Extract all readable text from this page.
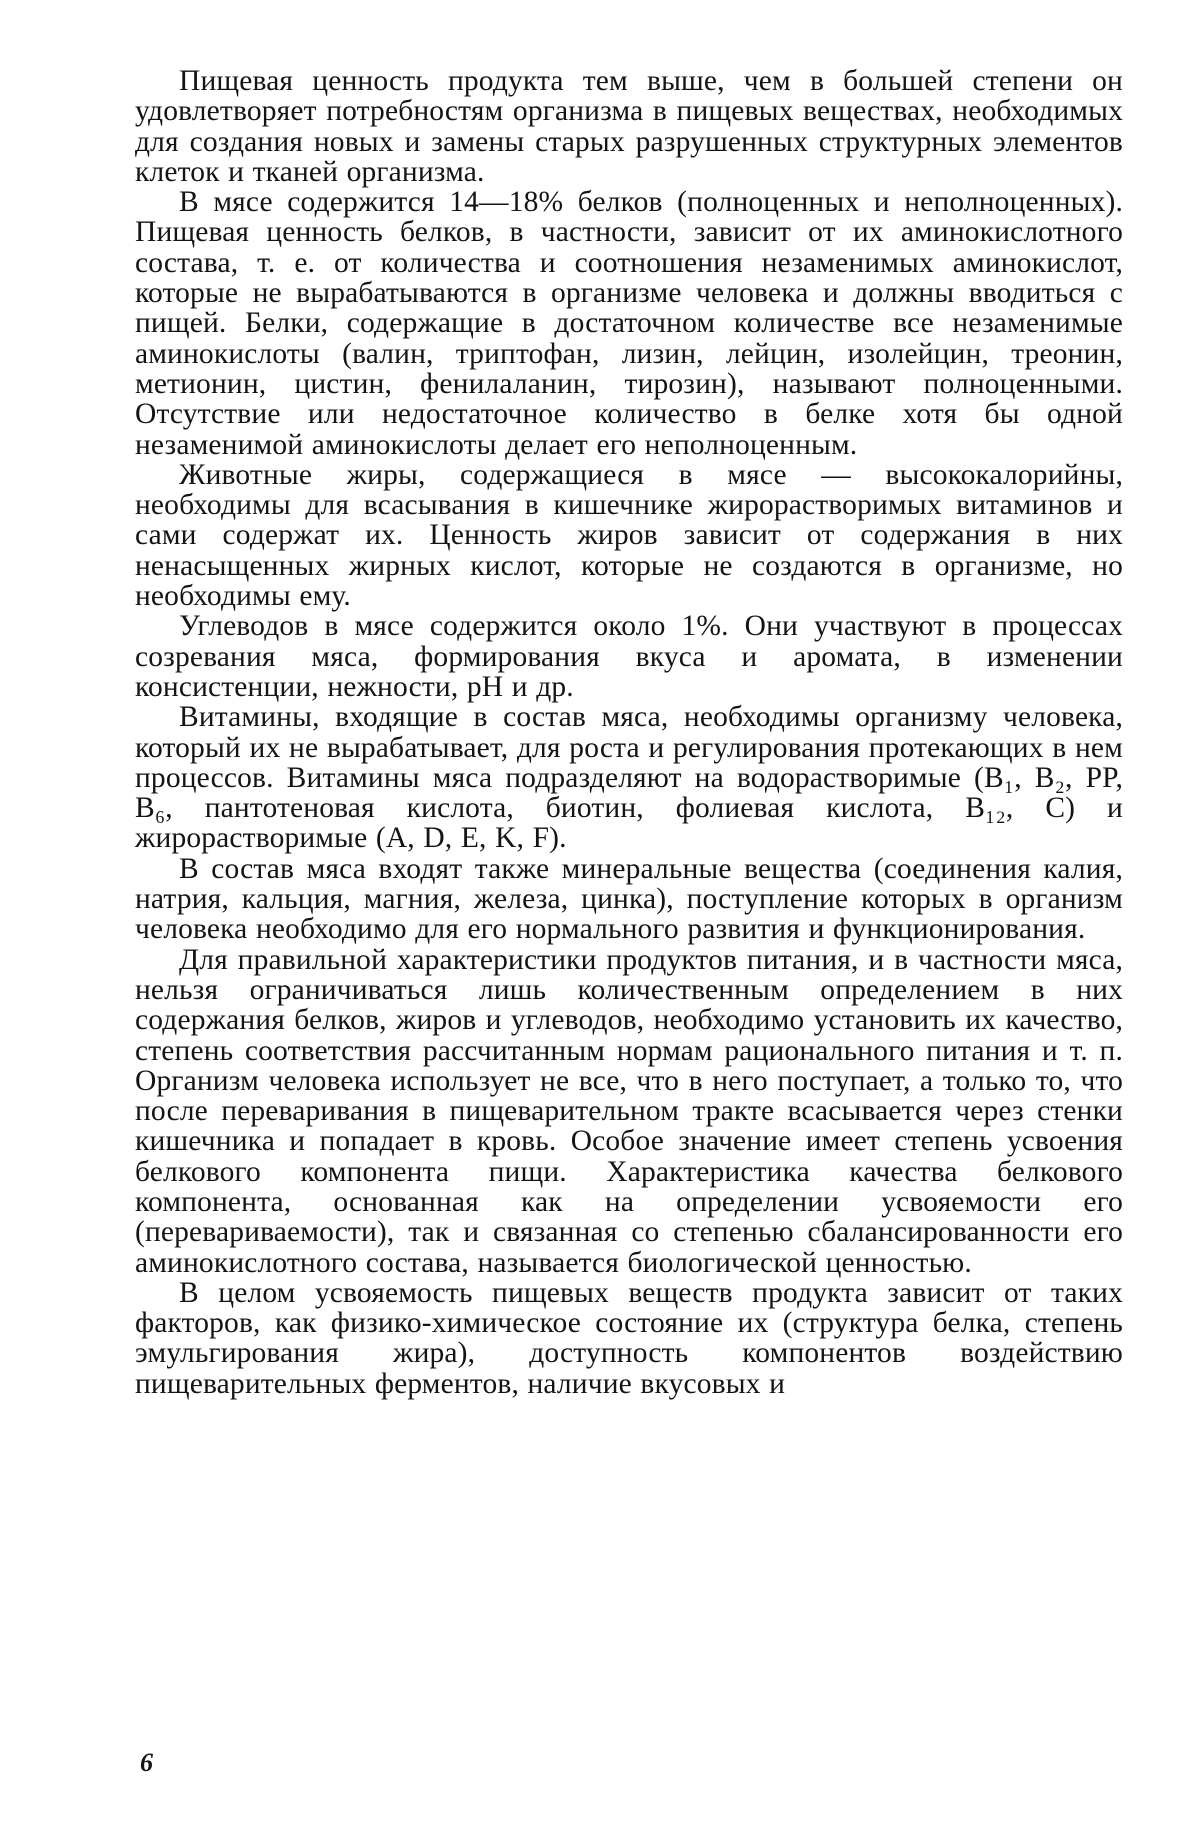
Пищевая ценность продукта тем выше, чем в большей степени он удовлетворяет потребностям организма в пищевых веществах, необходимых для создания новых и замены старых разрушенных структурных элементов клеток и тканей организма.

В мясе содержится 14—18% белков (полноценных и неполноценных). Пищевая ценность белков, в частности, зависит от их аминокислотного состава, т. е. от количества и соотношения незаменимых аминокислот, которые не вырабатываются в организме человека и должны вводиться с пищей. Белки, содержащие в достаточном количестве все незаменимые аминокислоты (валин, триптофан, лизин, лейцин, изолейцин, треонин, метионин, цистин, фенилаланин, тирозин), называют полноценными. Отсутствие или недостаточное количество в белке хотя бы одной незаменимой аминокислоты делает его неполноценным.

Животные жиры, содержащиеся в мясе — высококалорийны, необходимы для всасывания в кишечнике жирорастворимых витаминов и сами содержат их. Ценность жиров зависит от содержания в них ненасыщенных жирных кислот, которые не создаются в организме, но необходимы ему.

Углеводов в мясе содержится около 1%. Они участвуют в процессах созревания мяса, формирования вкуса и аромата, в изменении консистенции, нежности, pH и др.

Витамины, входящие в состав мяса, необходимы организму человека, который их не вырабатывает, для роста и регулирования протекающих в нем процессов. Витамины мяса подразделяют на водорастворимые (B₁, B₂, PP, B₆, пантотеновая кислота, биотин, фолиевая кислота, B₁₂, C) и жирорастворимые (A, D, E, K, F).

В состав мяса входят также минеральные вещества (соединения калия, натрия, кальция, магния, железа, цинка), поступление которых в организм человека необходимо для его нормального развития и функционирования.

Для правильной характеристики продуктов питания, и в частности мяса, нельзя ограничиваться лишь количественным определением в них содержания белков, жиров и углеводов, необходимо установить их качество, степень соответствия рассчитанным нормам рационального питания и т. п. Организм человека использует не все, что в него поступает, а только то, что после переваривания в пищеварительном тракте всасывается через стенки кишечника и попадает в кровь. Особое значение имеет степень усвоения белкового компонента пищи. Характеристика качества белкового компонента, основанная как на определении усвояемости его (перевариваемости), так и связанная со степенью сбалансированности его аминокислотного состава, называется биологической ценностью.

В целом усвояемость пищевых веществ продукта зависит от таких факторов, как физико-химическое состояние их (структура белка, степень эмульгирования жира), доступность компонентов воздействию пищеварительных ферментов, наличие вкусовых и

6
